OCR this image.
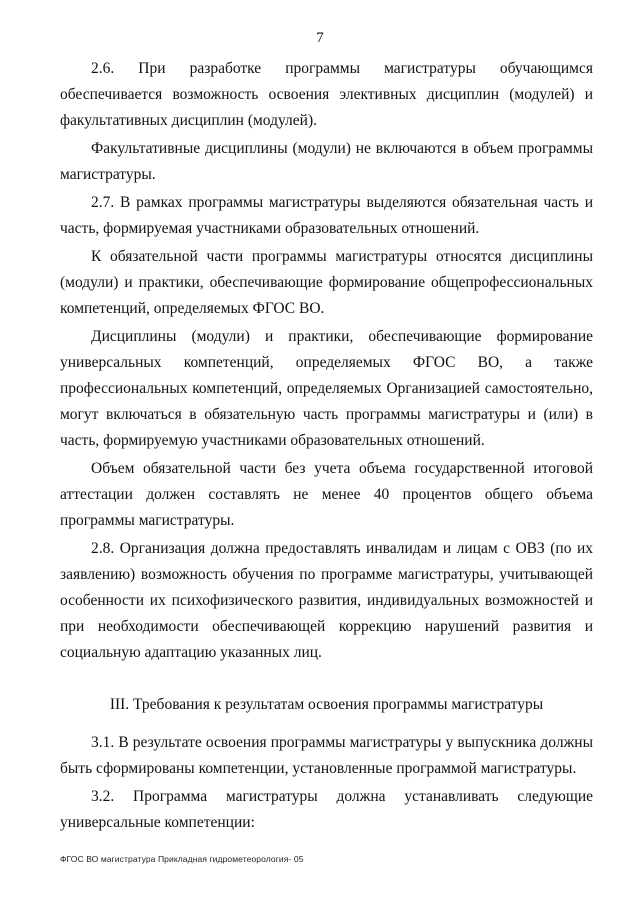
7

2.6. При разработке программы магистратуры обучающимся обеспечивается возможность освоения элективных дисциплин (модулей) и факультативных дисциплин (модулей).

Факультативные дисциплины (модули) не включаются в объем программы магистратуры.

2.7. В рамках программы магистратуры выделяются обязательная часть и часть, формируемая участниками образовательных отношений.

К обязательной части программы магистратуры относятся дисциплины (модули) и практики, обеспечивающие формирование общепрофессиональных компетенций, определяемых ФГОС ВО.

Дисциплины (модули) и практики, обеспечивающие формирование универсальных компетенций, определяемых ФГОС ВО, а также профессиональных компетенций, определяемых Организацией самостоятельно, могут включаться в обязательную часть программы магистратуры и (или) в часть, формируемую участниками образовательных отношений.

Объем обязательной части без учета объема государственной итоговой аттестации должен составлять не менее 40 процентов общего объема программы магистратуры.

2.8. Организация должна предоставлять инвалидам и лицам с ОВЗ (по их заявлению) возможность обучения по программе магистратуры, учитывающей особенности их психофизического развития, индивидуальных возможностей и при необходимости обеспечивающей коррекцию нарушений развития и социальную адаптацию указанных лиц.

III. Требования к результатам освоения программы магистратуры

3.1. В результате освоения программы магистратуры у выпускника должны быть сформированы компетенции, установленные программой магистратуры.

3.2. Программа магистратуры должна устанавливать следующие универсальные компетенции:

ФГОС ВО магистратура Прикладная гидрометеорология- 05
